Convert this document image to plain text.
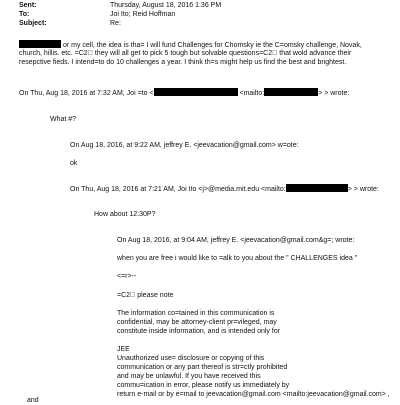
Sent:	Thursday, August 18, 2016 1:36 PM
To:	Joi Ito; Reid Hoffman
Subject:	Re:
or my cell, the idea is tha= I will fund Challenges for Chomsky ie the C=omsky challenge, Novak,
church, hillis. etc. =C2  they will all get to pick 5 tough but solvable questions=C2  that wold advance their
resepctive fieds. I intend=to do 10 challenges a year. I think th=s might help us find the best and brightest.
On Thu, Aug 18, 2016 at 7:32 AM, Joi =to <	<mailto:	> > wrote:
What #?
On Aug 18, 2016, at 9:22 AM, jeffrey E. <jeevacation@gmail.com> w=ote:
ok
On Thu, Aug 18, 2016 at 7:21 AM, Joi Ito <j>@media.mit.edu <mailto:	> > wrote:
How about 12:30P?
On Aug 18, 2016, at 9:04 AM, jeffrey E. <jeevacation@gmail.com&g=; wrote:
when you are free i would like to =alk to you about the " CHALLENGES idea "
<=r>--
=C2  please note
The information co=tained in this communication is
confidential, may be attorney-client pr=vileged, may
constitute inside information, and is intended only for
JEE
Unauthorized use= disclosure or copying of this
communication or any part thereof is str=ctly prohibited
and may be unlawful. If you have received this
commu=ication in error, please notify us immediately by
return e-mail or by e=mail to jeevacation@gmail.com <mailto:jeevacation@gmail.com> ,
and
